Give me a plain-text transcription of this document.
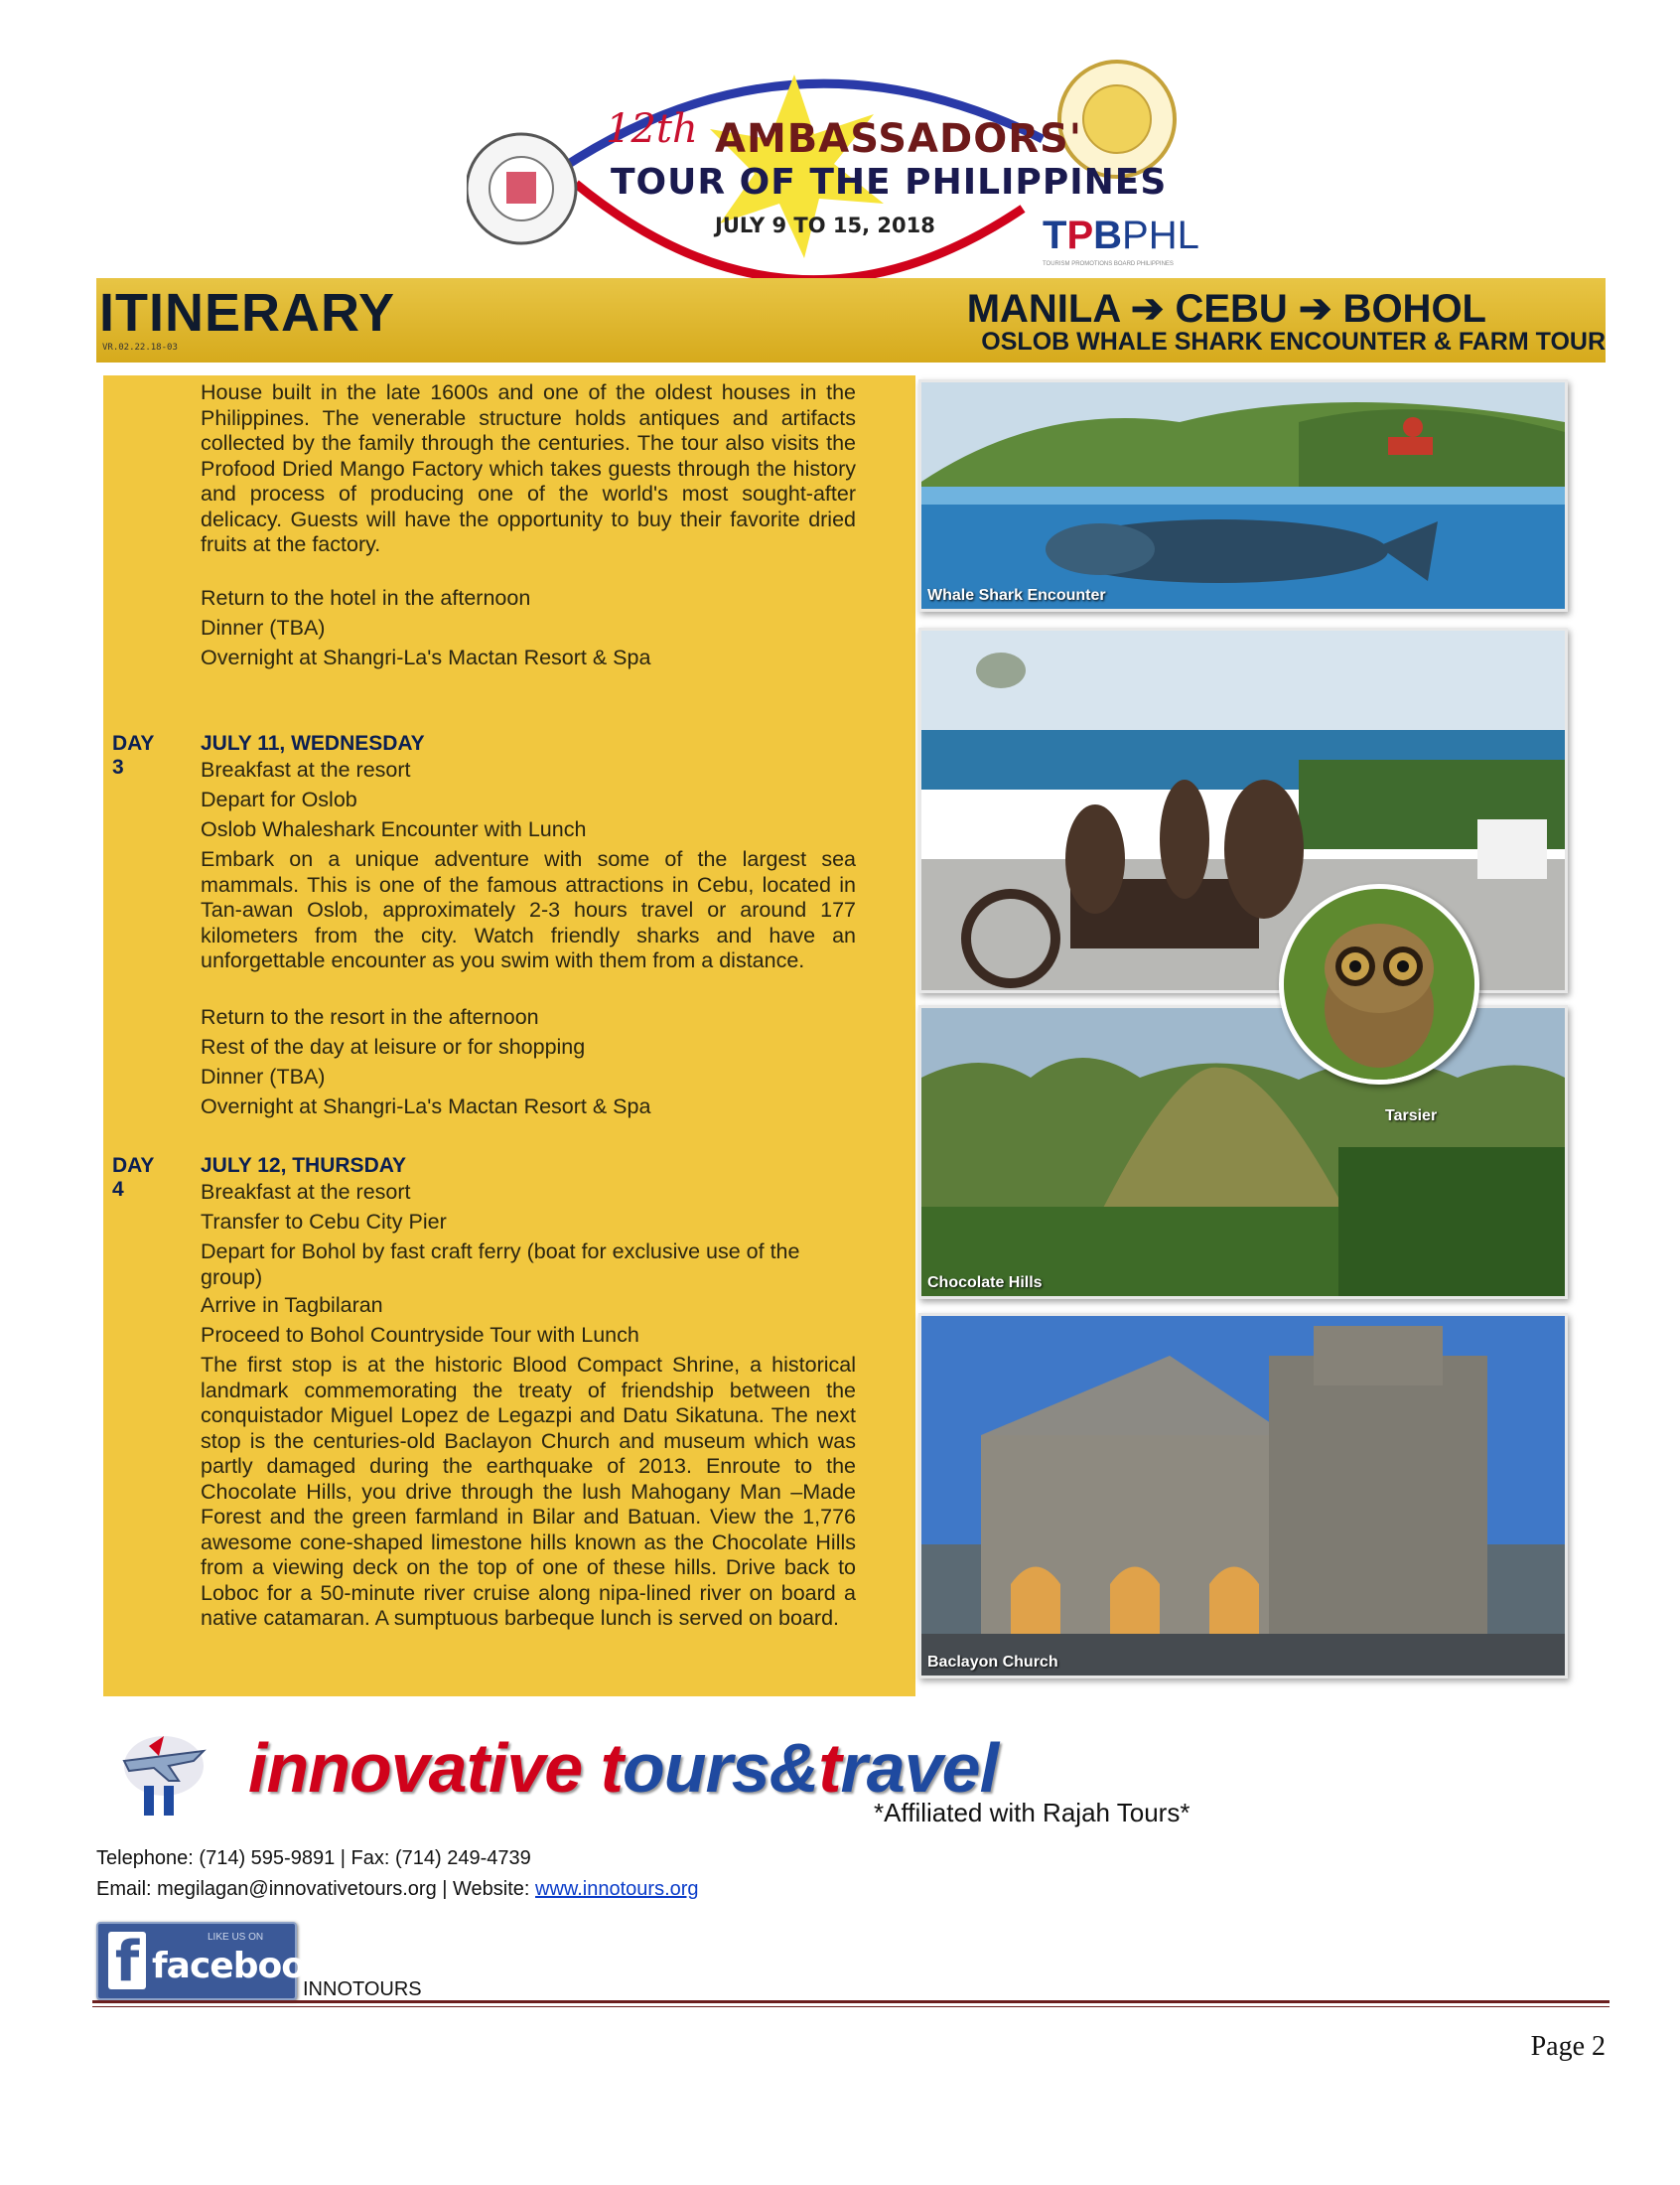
12th AMBASSADORS'
TOUR OF THE PHILIPPINES
JULY 9 TO 15, 2018	TPBPHL
TOURISM PROMOTIONS BOARD PHILIPPINES
ITINERARY
VR.02.22.18-03
MANILA ➔ CEBU ➔ BOHOL
OSLOB WHALE SHARK ENCOUNTER & FARM TOUR
House built in the late 1600s and one of the oldest houses in the Philippines. The venerable structure holds antiques and artifacts collected by the family through the centuries. The tour also visits the Profood Dried Mango Factory which takes guests through the history and process of producing one of the world's most sought-after delicacy. Guests will have the opportunity to buy their favorite dried fruits at the factory.
Return to the hotel in the afternoon
Dinner (TBA)
Overnight at Shangri-La's Mactan Resort & Spa
DAY 3
JULY 11, WEDNESDAY
Breakfast at the resort
Depart for Oslob
Oslob Whaleshark Encounter with Lunch
Embark on a unique adventure with some of the largest sea mammals. This is one of the famous attractions in Cebu, located in Tan-awan Oslob, approximately 2-3 hours travel or around 177 kilometers from the city. Watch friendly sharks and have an unforgettable encounter as you swim with them from a distance.
Return to the resort in the afternoon
Rest of the day at leisure or for shopping
Dinner (TBA)
Overnight at Shangri-La's Mactan Resort & Spa
DAY 4
JULY 12, THURSDAY
Breakfast at the resort
Transfer to Cebu City Pier
Depart for Bohol by fast craft ferry (boat for exclusive use of the group)
Arrive in Tagbilaran
Proceed to Bohol Countryside Tour with Lunch
The first stop is at the historic Blood Compact Shrine, a historical landmark commemorating the treaty of friendship between the conquistador Miguel Lopez de Legazpi and Datu Sikatuna. The next stop is the centuries-old Baclayon Church and museum which was partly damaged during the earthquake of 2013. Enroute to the Chocolate Hills, you drive through the lush Mahogany Man –Made Forest and the green farmland in Bilar and Batuan. View the 1,776 awesome cone-shaped limestone hills known as the Chocolate Hills from a viewing deck on the top of one of these hills. Drive back to Loboc for a 50-minute river cruise along nipa-lined river on board a native catamaran. A sumptuous barbeque lunch is served on board.
Whale Shark Encounter
Chocolate Hills
Baclayon Church
Tarsier
innovative tours&travel
*Affiliated with Rajah Tours*
Telephone: (714) 595-9891 | Fax: (714) 249-4739
Email: megilagan@innovativetours.org | Website: www.innotours.org
f	LIKE US ON
facebook
INNOTOURS
Page 2
